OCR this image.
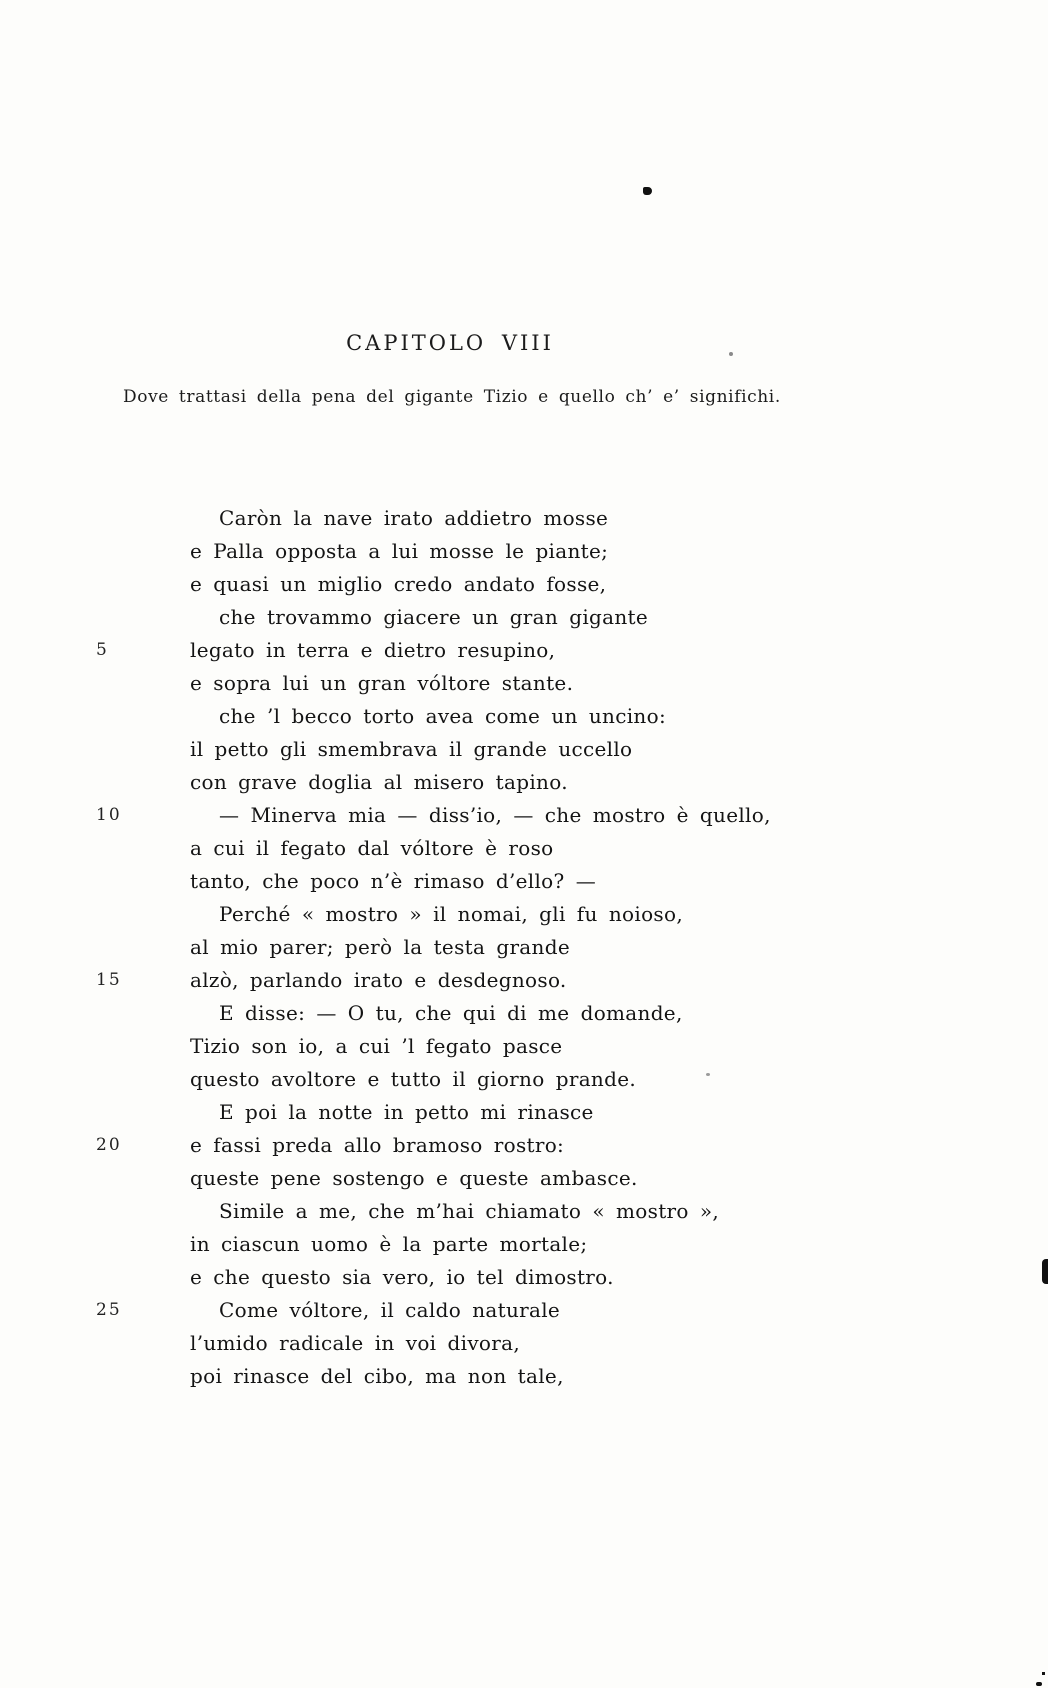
CAPITOLO VIII
Dove trattasi della pena del gigante Tizio e quello ch’ e’ significhi.
Caròn la nave irato addietro mosse
e Palla opposta a lui mosse le piante;
e quasi un miglio credo andato fosse,
che trovammo giacere un gran gigante
5	legato in terra e dietro resupino,
e sopra lui un gran vóltore stante.
che ’l becco torto avea come un uncino:
il petto gli smembrava il grande uccello
con grave doglia al misero tapino.
10	— Minerva mia — diss’io, — che mostro è quello,
a cui il fegato dal vóltore è roso
tanto, che poco n’è rimaso d’ello? —
Perché « mostro » il nomai, gli fu noioso,
al mio parer; però la testa grande
15	alzò, parlando irato e desdegnoso.
E disse: — O tu, che qui di me domande,
Tizio son io, a cui ’l fegato pasce
questo avoltore e tutto il giorno prande.
E poi la notte in petto mi rinasce
20	e fassi preda allo bramoso rostro:
queste pene sostengo e queste ambasce.
Simile a me, che m’hai chiamato « mostro »,
in ciascun uomo è la parte mortale;
e che questo sia vero, io tel dimostro.
25	Come vóltore, il caldo naturale
l’umido radicale in voi divora,
poi rinasce del cibo, ma non tale,
